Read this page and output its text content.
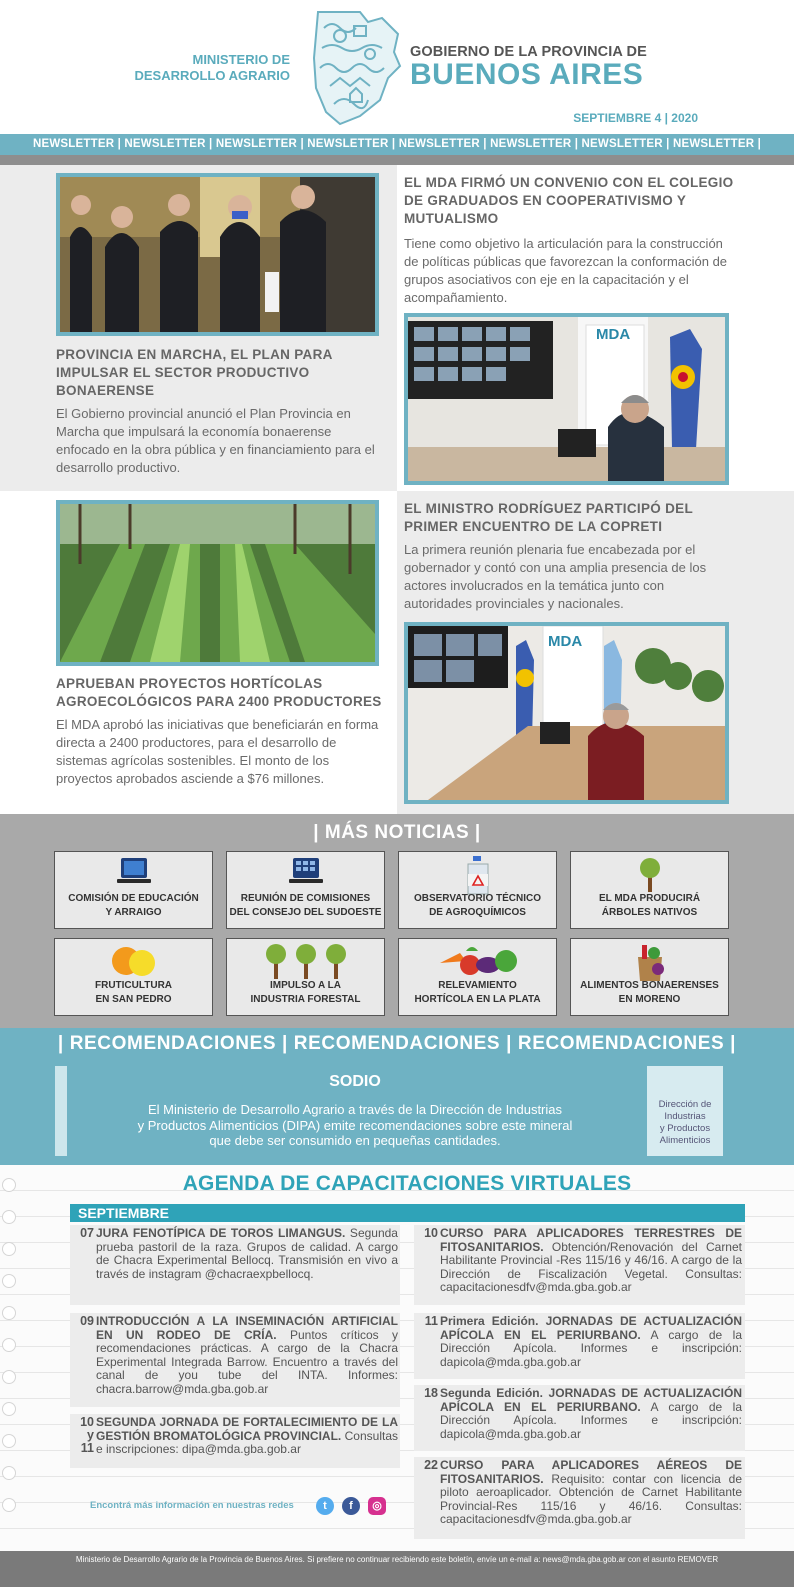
MINISTERIO DE
DESARROLLO AGRARIO
GOBIERNO DE LA PROVINCIA DE
BUENOS AIRES
SEPTIEMBRE 4 | 2020
NEWSLETTER | NEWSLETTER | NEWSLETTER | NEWSLETTER | NEWSLETTER | NEWSLETTER | NEWSLETTER | NEWSLETTER |
PROVINCIA EN MARCHA, EL PLAN PARA IMPULSAR EL SECTOR PRODUCTIVO BONAERENSE
El Gobierno provincial anunció el Plan Provincia en Marcha que impulsará la economía bonaerense enfocado en la obra pública y en financiamiento para el desarrollo productivo.
EL MDA FIRMÓ UN CONVENIO CON EL COLEGIO DE GRADUADOS EN COOPERATIVISMO Y MUTUALISMO
Tiene como objetivo la articulación para la construcción de políticas públicas que favorezcan la conformación de grupos asociativos con eje en la capacitación y el acompañamiento.
MDA
APRUEBAN PROYECTOS HORTÍCOLAS AGROECOLÓGICOS PARA 2400 PRODUCTORES
El MDA aprobó las iniciativas que beneficiarán en forma directa a 2400 productores, para el desarrollo de sistemas agrícolas sostenibles. El monto de los proyectos aprobados asciende a $76 millones.
EL MINISTRO RODRÍGUEZ PARTICIPÓ DEL PRIMER ENCUENTRO DE LA COPRETI
La primera reunión plenaria fue encabezada por el gobernador y contó con una amplia presencia de los actores involucrados en la temática junto con autoridades provinciales y nacionales.
MDA
| MÁS NOTICIAS |
COMISIÓN DE EDUCACIÓN
Y ARRAIGO
REUNIÓN DE COMISIONES
DEL CONSEJO DEL SUDOESTE
OBSERVATORIO TÉCNICO
DE AGROQUÍMICOS
EL MDA PRODUCIRÁ
ÁRBOLES NATIVOS
FRUTICULTURA
EN SAN PEDRO
IMPULSO A LA
INDUSTRIA FORESTAL
RELEVAMIENTO
HORTÍCOLA EN LA PLATA
ALIMENTOS BONAERENSES
EN MORENO
| RECOMENDACIONES | RECOMENDACIONES | RECOMENDACIONES |
SODIO
El Ministerio de Desarrollo Agrario a través de la Dirección de Industrias
y Productos Alimenticios (DIPA) emite recomendaciones sobre este mineral
que debe ser consumido en pequeñas cantidades.
Dirección de
Industrias
y Productos
Alimenticios
AGENDA DE CAPACITACIONES VIRTUALES
SEPTIEMBRE
07 JURA FENOTÍPICA DE TOROS LIMANGUS. Segunda prueba pastoril de la raza. Grupos de calidad. A cargo de Chacra Experimental Bellocq. Transmisión en vivo a través de instagram @chacraexpbellocq.
09 INTRODUCCIÓN A LA INSEMINACIÓN ARTIFICIAL EN UN RODEO DE CRÍA. Puntos críticos y recomendaciones prácticas. A cargo de la Chacra Experimental Integrada Barrow. Encuentro a través del canal de you tube del INTA. Informes: chacra.barrow@mda.gba.gob.ar
10
y
11
SEGUNDA JORNADA DE FORTALECIMIENTO DE LA GESTIÓN BROMATOLÓGICA PROVINCIAL. Consultas e inscripciones: dipa@mda.gba.gob.ar
10 CURSO PARA APLICADORES TERRESTRES DE FITOSANITARIOS. Obtención/Renovación del Carnet Habilitante Provincial -Res 115/16 y 46/16. A cargo de la Dirección de Fiscalización Vegetal. Consultas: capacitacionesdfv@mda.gba.gob.ar
11 Primera Edición. JORNADAS DE ACTUALIZACIÓN APÍCOLA EN EL PERIURBANO. A cargo de la Dirección Apícola. Informes e inscripción: dapicola@mda.gba.gob.ar
18 Segunda Edición. JORNADAS DE ACTUALIZACIÓN APÍCOLA EN EL PERIURBANO. A cargo de la Dirección Apícola. Informes e inscripción: dapicola@mda.gba.gob.ar
22 CURSO PARA APLICADORES AÉREOS DE FITOSANITARIOS. Requisito: contar con licencia de piloto aeroaplicador. Obtención de Carnet Habilitante Provincial-Res 115/16 y 46/16. Consultas: capacitacionesdfv@mda.gba.gob.ar
Encontrá más información en nuestras redes	t	f	◎
Ministerio de Desarrollo Agrario de la Provincia de Buenos Aires. Si prefiere no continuar recibiendo este boletín, envíe un e-mail a: news@mda.gba.gob.ar con el asunto REMOVER
